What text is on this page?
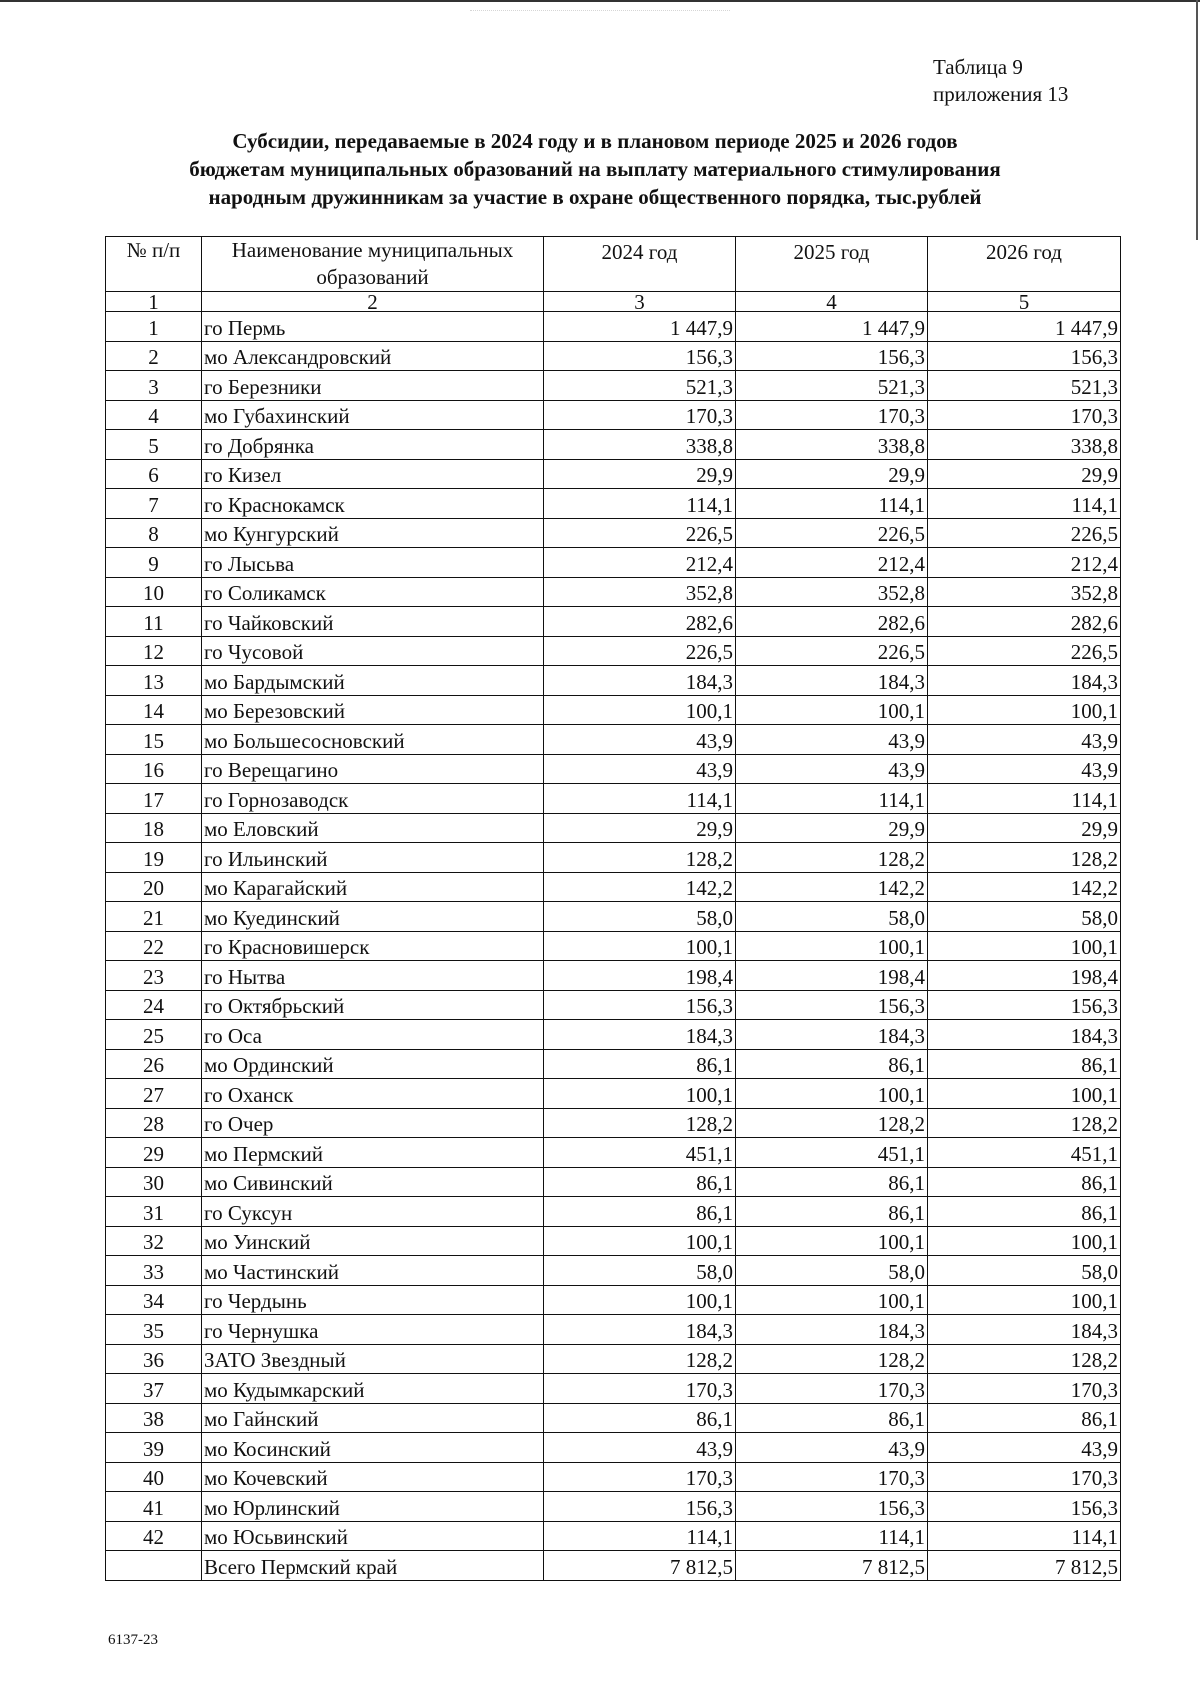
Таблица 9
приложения 13
Субсидии, передаваемые в 2024 году и в плановом периоде 2025 и 2026 годов
бюджетам муниципальных образований на выплату материального стимулирования
народным дружинникам за участие в охране общественного порядка, тыс.рублей
№ п/п	Наименование муниципальных образований	2024 год	2025 год	2026 год
1	2	3	4	5
1	го Пермь	1 447,9	1 447,9	1 447,9
2	мо Александровский	156,3	156,3	156,3
3	го Березники	521,3	521,3	521,3
4	мо Губахинский	170,3	170,3	170,3
5	го Добрянка	338,8	338,8	338,8
6	го Кизел	29,9	29,9	29,9
7	го Краснокамск	114,1	114,1	114,1
8	мо Кунгурский	226,5	226,5	226,5
9	го Лысьва	212,4	212,4	212,4
10	го Соликамск	352,8	352,8	352,8
11	го Чайковский	282,6	282,6	282,6
12	го Чусовой	226,5	226,5	226,5
13	мо Бардымский	184,3	184,3	184,3
14	мо Березовский	100,1	100,1	100,1
15	мо Большесосновский	43,9	43,9	43,9
16	го Верещагино	43,9	43,9	43,9
17	го Горнозаводск	114,1	114,1	114,1
18	мо Еловский	29,9	29,9	29,9
19	го Ильинский	128,2	128,2	128,2
20	мо Карагайский	142,2	142,2	142,2
21	мо Куединский	58,0	58,0	58,0
22	го Красновишерск	100,1	100,1	100,1
23	го Нытва	198,4	198,4	198,4
24	го Октябрьский	156,3	156,3	156,3
25	го Оса	184,3	184,3	184,3
26	мо Ординский	86,1	86,1	86,1
27	го Оханск	100,1	100,1	100,1
28	го Очер	128,2	128,2	128,2
29	мо Пермский	451,1	451,1	451,1
30	мо Сивинский	86,1	86,1	86,1
31	го Суксун	86,1	86,1	86,1
32	мо Уинский	100,1	100,1	100,1
33	мо Частинский	58,0	58,0	58,0
34	го Чердынь	100,1	100,1	100,1
35	го Чернушка	184,3	184,3	184,3
36	ЗАТО Звездный	128,2	128,2	128,2
37	мо Кудымкарский	170,3	170,3	170,3
38	мо Гайнский	86,1	86,1	86,1
39	мо Косинский	43,9	43,9	43,9
40	мо Кочевский	170,3	170,3	170,3
41	мо Юрлинский	156,3	156,3	156,3
42	мо Юсьвинский	114,1	114,1	114,1
	Всего Пермский край	7 812,5	7 812,5	7 812,5
6137-23
